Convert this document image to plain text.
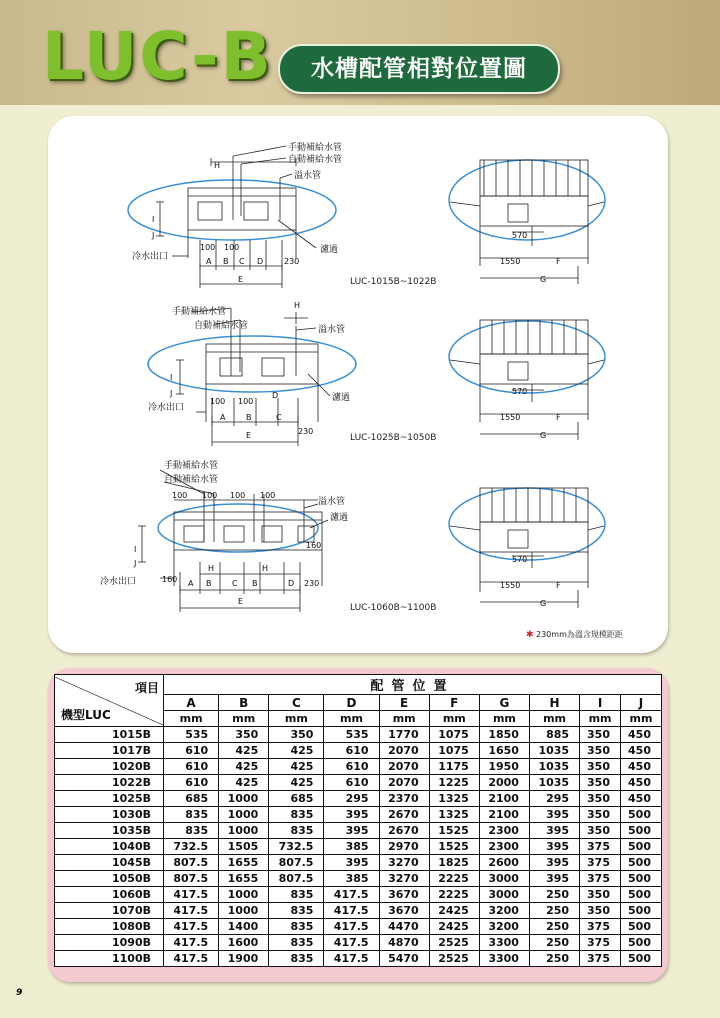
LUC-B	水槽配管相對位置圖
手動補給水管
自動補給水管
溢水管
濾過
冷水出口
100 100
A B C D	230
E
H
I
J
LUC-1015B~1022B
570
1550	F
G
手動補給水管
自動補給水管	溢水管
濾過
冷水出口
100 100
A	B	C
D
230
E
H
I
J
LUC-1025B~1050B
570
1550	F
G
手動補給水管
自動補給水管
溢水管
濾過
冷水出口
100 100 100 100
160
160
A B	C B	D
H	H
230
E
I
J
LUC-1060B~1100B
570
1550	F
G
✱ 230mm為溫含規模距距
項目
機型LUC	配管位置									
	A	B	C	D	E	F	G	H	I	J
	mm	mm	mm	mm	mm	mm	mm	mm	mm	mm
1015B	535	350	350	535	1770	1075	1850	885	350	450
1017B	610	425	425	610	2070	1075	1650	1035	350	450
1020B	610	425	425	610	2070	1175	1950	1035	350	450
1022B	610	425	425	610	2070	1225	2000	1035	350	450
1025B	685	1000	685	295	2370	1325	2100	295	350	450
1030B	835	1000	835	395	2670	1325	2100	395	350	500
1035B	835	1000	835	395	2670	1525	2300	395	350	500
1040B	732.5	1505	732.5	385	2970	1525	2300	395	375	500
1045B	807.5	1655	807.5	395	3270	1825	2600	395	375	500
1050B	807.5	1655	807.5	385	3270	2225	3000	395	375	500
1060B	417.5	1000	835	417.5	3670	2225	3000	250	350	500
1070B	417.5	1000	835	417.5	3670	2425	3200	250	350	500
1080B	417.5	1400	835	417.5	4470	2425	3200	250	375	500
1090B	417.5	1600	835	417.5	4870	2525	3300	250	375	500
1100B	417.5	1900	835	417.5	5470	2525	3300	250	375	500
9
